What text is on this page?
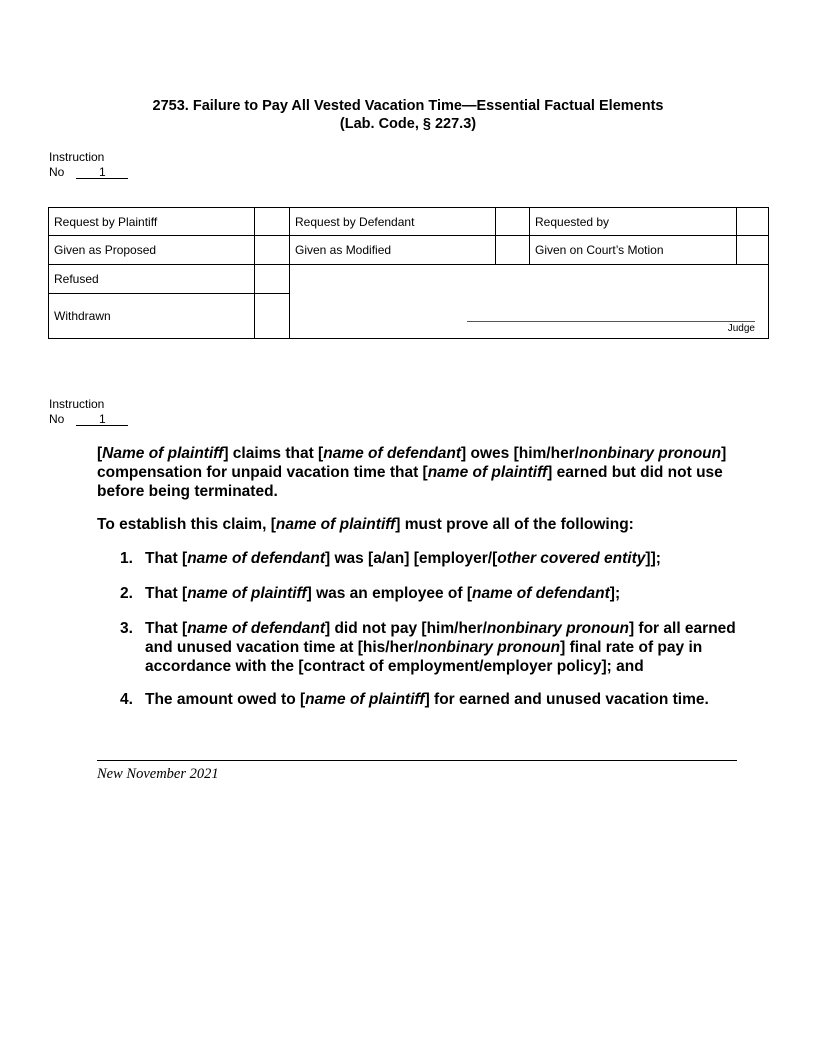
2753. Failure to Pay All Vested Vacation Time—Essential Factual Elements
(Lab. Code, § 227.3)
Instruction
No	1
Request by Plaintiff	Request by Defendant	Requested by
Given as Proposed	Given as Modified	Given on Court’s Motion
Refused
Withdrawn
Judge
Instruction
No	1
[Name of plaintiff] claims that [name of defendant] owes [him/her/nonbinary pronoun] compensation for unpaid vacation time that [name of plaintiff] earned but did not use before being terminated.
To establish this claim, [name of plaintiff] must prove all of the following:
1. That [name of defendant] was [a/an] [employer/[other covered entity]];
2. That [name of plaintiff] was an employee of [name of defendant];
3. That [name of defendant] did not pay [him/her/nonbinary pronoun] for all earned and unused vacation time at [his/her/nonbinary pronoun] final rate of pay in accordance with the [contract of employment/employer policy]; and
4. The amount owed to [name of plaintiff] for earned and unused vacation time.
New November 2021
